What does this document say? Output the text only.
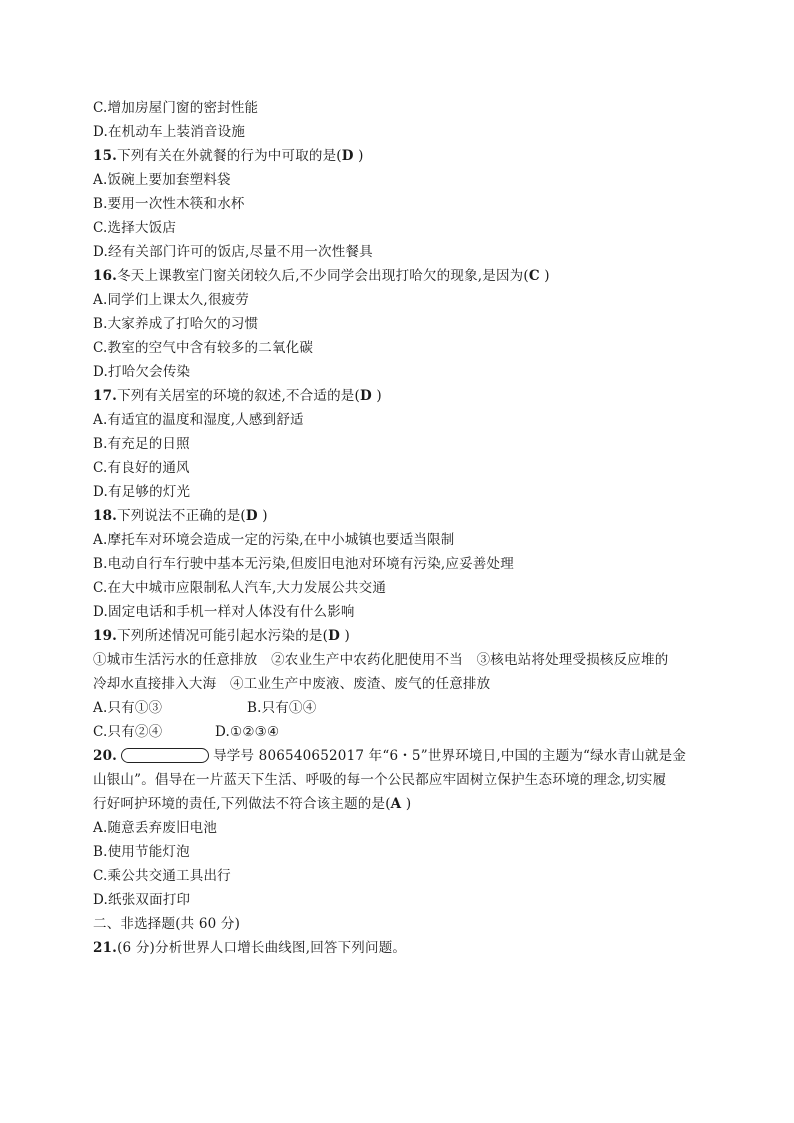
C.增加房屋门窗的密封性能
D.在机动车上装消音设施
15.下列有关在外就餐的行为中可取的是(D )
A.饭碗上要加套塑料袋
B.要用一次性木筷和水杯
C.选择大饭店
D.经有关部门许可的饭店,尽量不用一次性餐具
16.冬天上课教室门窗关闭较久后,不少同学会出现打哈欠的现象,是因为(C )
A.同学们上课太久,很疲劳
B.大家养成了打哈欠的习惯
C.教室的空气中含有较多的二氧化碳
D.打哈欠会传染
17.下列有关居室的环境的叙述,不合适的是(D )
A.有适宜的温度和湿度,人感到舒适
B.有充足的日照
C.有良好的通风
D.有足够的灯光
18.下列说法不正确的是(D )
A.摩托车对环境会造成一定的污染,在中小城镇也要适当限制
B.电动自行车行驶中基本无污染,但废旧电池对环境有污染,应妥善处理
C.在大中城市应限制私人汽车,大力发展公共交通
D.固定电话和手机一样对人体没有什么影响
19.下列所述情况可能引起水污染的是(D )
①城市生活污水的任意排放　②农业生产中农药化肥使用不当　③核电站将处理受损核反应堆的
冷却水直接排入大海　④工业生产中废液、废渣、废气的任意排放
A.只有①③	B.只有①④
C.只有②④	D.①②③④
20.	导学号 806540652017 年“6・5”世界环境日,中国的主题为“绿水青山就是金
山银山”。倡导在一片蓝天下生活、呼吸的每一个公民都应牢固树立保护生态环境的理念,切实履
行好呵护环境的责任,下列做法不符合该主题的是(A )
A.随意丢弃废旧电池
B.使用节能灯泡
C.乘公共交通工具出行
D.纸张双面打印
二、非选择题(共 60 分)
21.(6 分)分析世界人口增长曲线图,回答下列问题。
